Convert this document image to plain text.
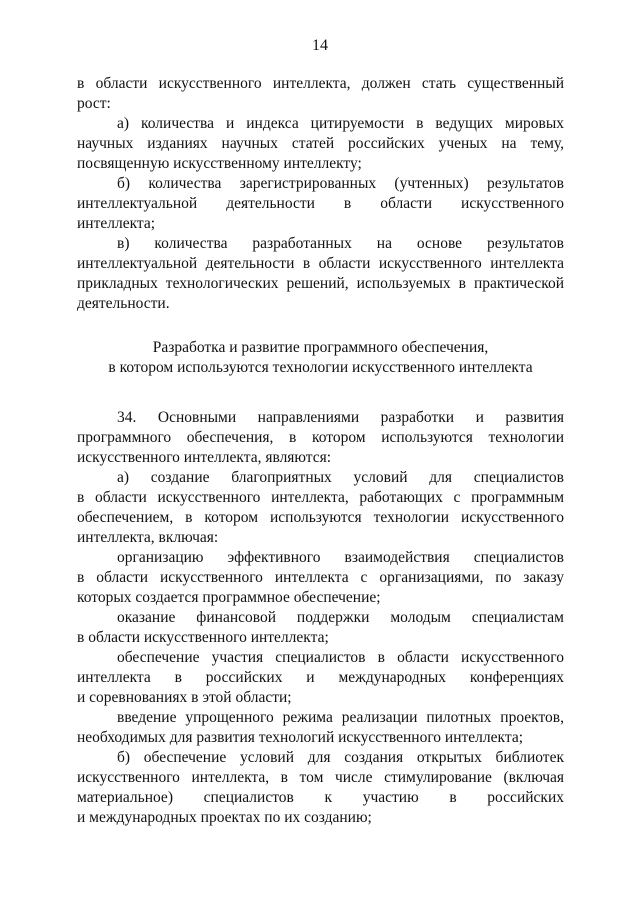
14

в области искусственного интеллекта, должен стать существенный
рост:

а) количества и индекса цитируемости в ведущих мировых
научных изданиях научных статей российских ученых на тему,
посвященную искусственному интеллекту;

б) количества зарегистрированных (учтенных) результатов
интеллектуальной деятельности в области искусственного
интеллекта;

в) количества разработанных на основе результатов
интеллектуальной деятельности в области искусственного интеллекта
прикладных технологических решений, используемых в практической
деятельности.

Разработка и развитие программного обеспечения,
в котором используются технологии искусственного интеллекта

34. Основными направлениями разработки и развития
программного обеспечения, в котором используются технологии
искусственного интеллекта, являются:

а) создание благоприятных условий для специалистов
в области искусственного интеллекта, работающих с программным
обеспечением, в котором используются технологии искусственного
интеллекта, включая:

организацию эффективного взаимодействия специалистов
в области искусственного интеллекта с организациями, по заказу
которых создается программное обеспечение;

оказание финансовой поддержки молодым специалистам
в области искусственного интеллекта;

обеспечение участия специалистов в области искусственного
интеллекта в российских и международных конференциях
и соревнованиях в этой области;

введение упрощенного режима реализации пилотных проектов,
необходимых для развития технологий искусственного интеллекта;

б) обеспечение условий для создания открытых библиотек
искусственного интеллекта, в том числе стимулирование (включая
материальное) специалистов к участию в российских
и международных проектах по их созданию;
